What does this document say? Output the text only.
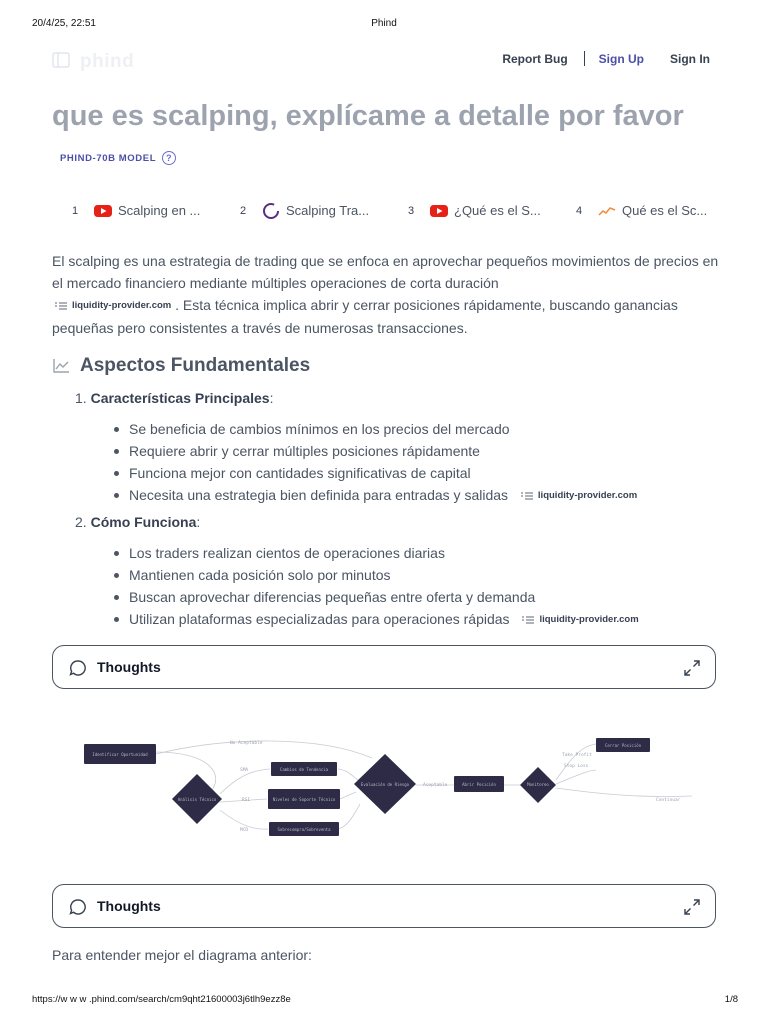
20/4/25, 22:51	Phind
phind	Report Bug	Sign Up Sign In
que es scalping, explícame a detalle por favor
PHIND-70B MODEL	?
1	Scalping en ...	2	Scalping Tra...	3	¿Qué es el S...	4	Qué es el Sc...
El scalping es una estrategia de trading que se enfoca en aprovechar pequeños movimientos de precios en el mercado financiero mediante múltiples operaciones de corta duración

liquidity-provider.com . Esta técnica implica abrir y cerrar posiciones rápidamente, buscando ganancias pequeñas pero consistentes a través de numerosas transacciones.
Aspectos Fundamentales
1. Características Principales:
Se beneficia de cambios mínimos en los precios del mercado
Requiere abrir y cerrar múltiples posiciones rápidamente
Funciona mejor con cantidades significativas de capital
Necesita una estrategia bien definida para entradas y salidas	liquidity-provider.com
2. Cómo Funciona:
Los traders realizan cientos de operaciones diarias
Mantienen cada posición solo por minutos
Buscan aprovechar diferencias pequeñas entre oferta y demanda
Utilizan plataformas especializadas para operaciones rápidas	liquidity-provider.com
Thoughts
No Aceptable
SMA
RSI
MCD
Aceptable
Take Profit
Stop Loss
Continuar
Identificar Oportunidad
Análisis Técnico
Cambios de Tendencia
Niveles de Soporte Técnico
Sobrecompra/Sobreventa
Evaluación de Riesgo	Abrir Posición	Monitoreo
Cerrar Posición
Thoughts
Para entender mejor el diagrama anterior:
https://w w w .phind.com/search/cm9qht21600003j6tlh9ezz8e	1/8
